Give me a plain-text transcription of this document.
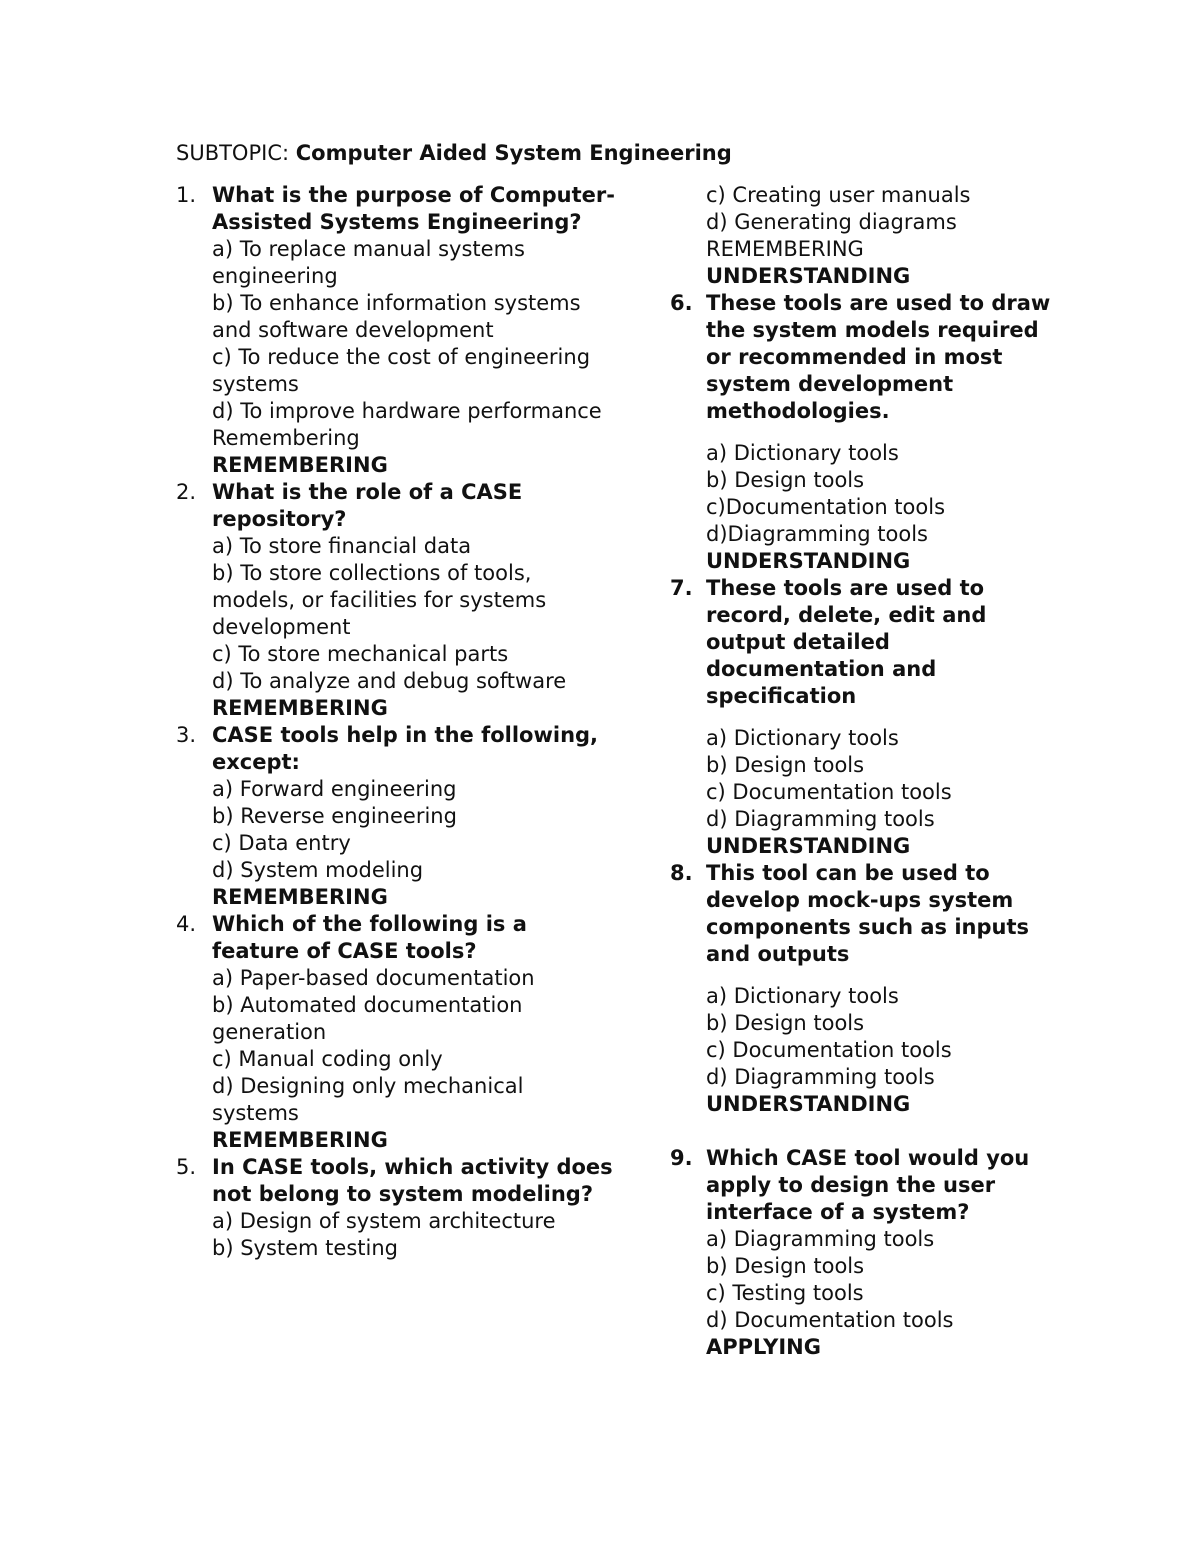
SUBTOPIC: Computer Aided System Engineering
1. What is the purpose of Computer-Assisted Systems Engineering?
a) To replace manual systems engineering
b) To enhance information systems and software development
c) To reduce the cost of engineering systems
d) To improve hardware performance Remembering
REMEMBERING
2. What is the role of a CASE repository?
a) To store financial data
b) To store collections of tools, models, or facilities for systems development
c) To store mechanical parts
d) To analyze and debug software
REMEMBERING
3. CASE tools help in the following, except:
a) Forward engineering
b) Reverse engineering
c) Data entry
d) System modeling
REMEMBERING
4. Which of the following is a feature of CASE tools?
a) Paper-based documentation
b) Automated documentation generation
c) Manual coding only
d) Designing only mechanical systems
REMEMBERING
5. In CASE tools, which activity does not belong to system modeling?
a) Design of system architecture
b) System testing
c) Creating user manuals
d) Generating diagrams
REMEMBERING
UNDERSTANDING
6. These tools are used to draw the system models required or recommended in most system development methodologies.
a) Dictionary tools
b) Design tools
c)Documentation tools
d)Diagramming tools
UNDERSTANDING
7. These tools are used to record, delete, edit and output detailed documentation and specification
a) Dictionary tools
b) Design tools
c) Documentation tools
d) Diagramming tools
UNDERSTANDING
8. This tool can be used to develop mock-ups system components such as inputs and outputs
a) Dictionary tools
b) Design tools
c) Documentation tools
d) Diagramming tools
UNDERSTANDING
9. Which CASE tool would you apply to design the user interface of a system?
a) Diagramming tools
b) Design tools
c) Testing tools
d) Documentation tools
APPLYING
